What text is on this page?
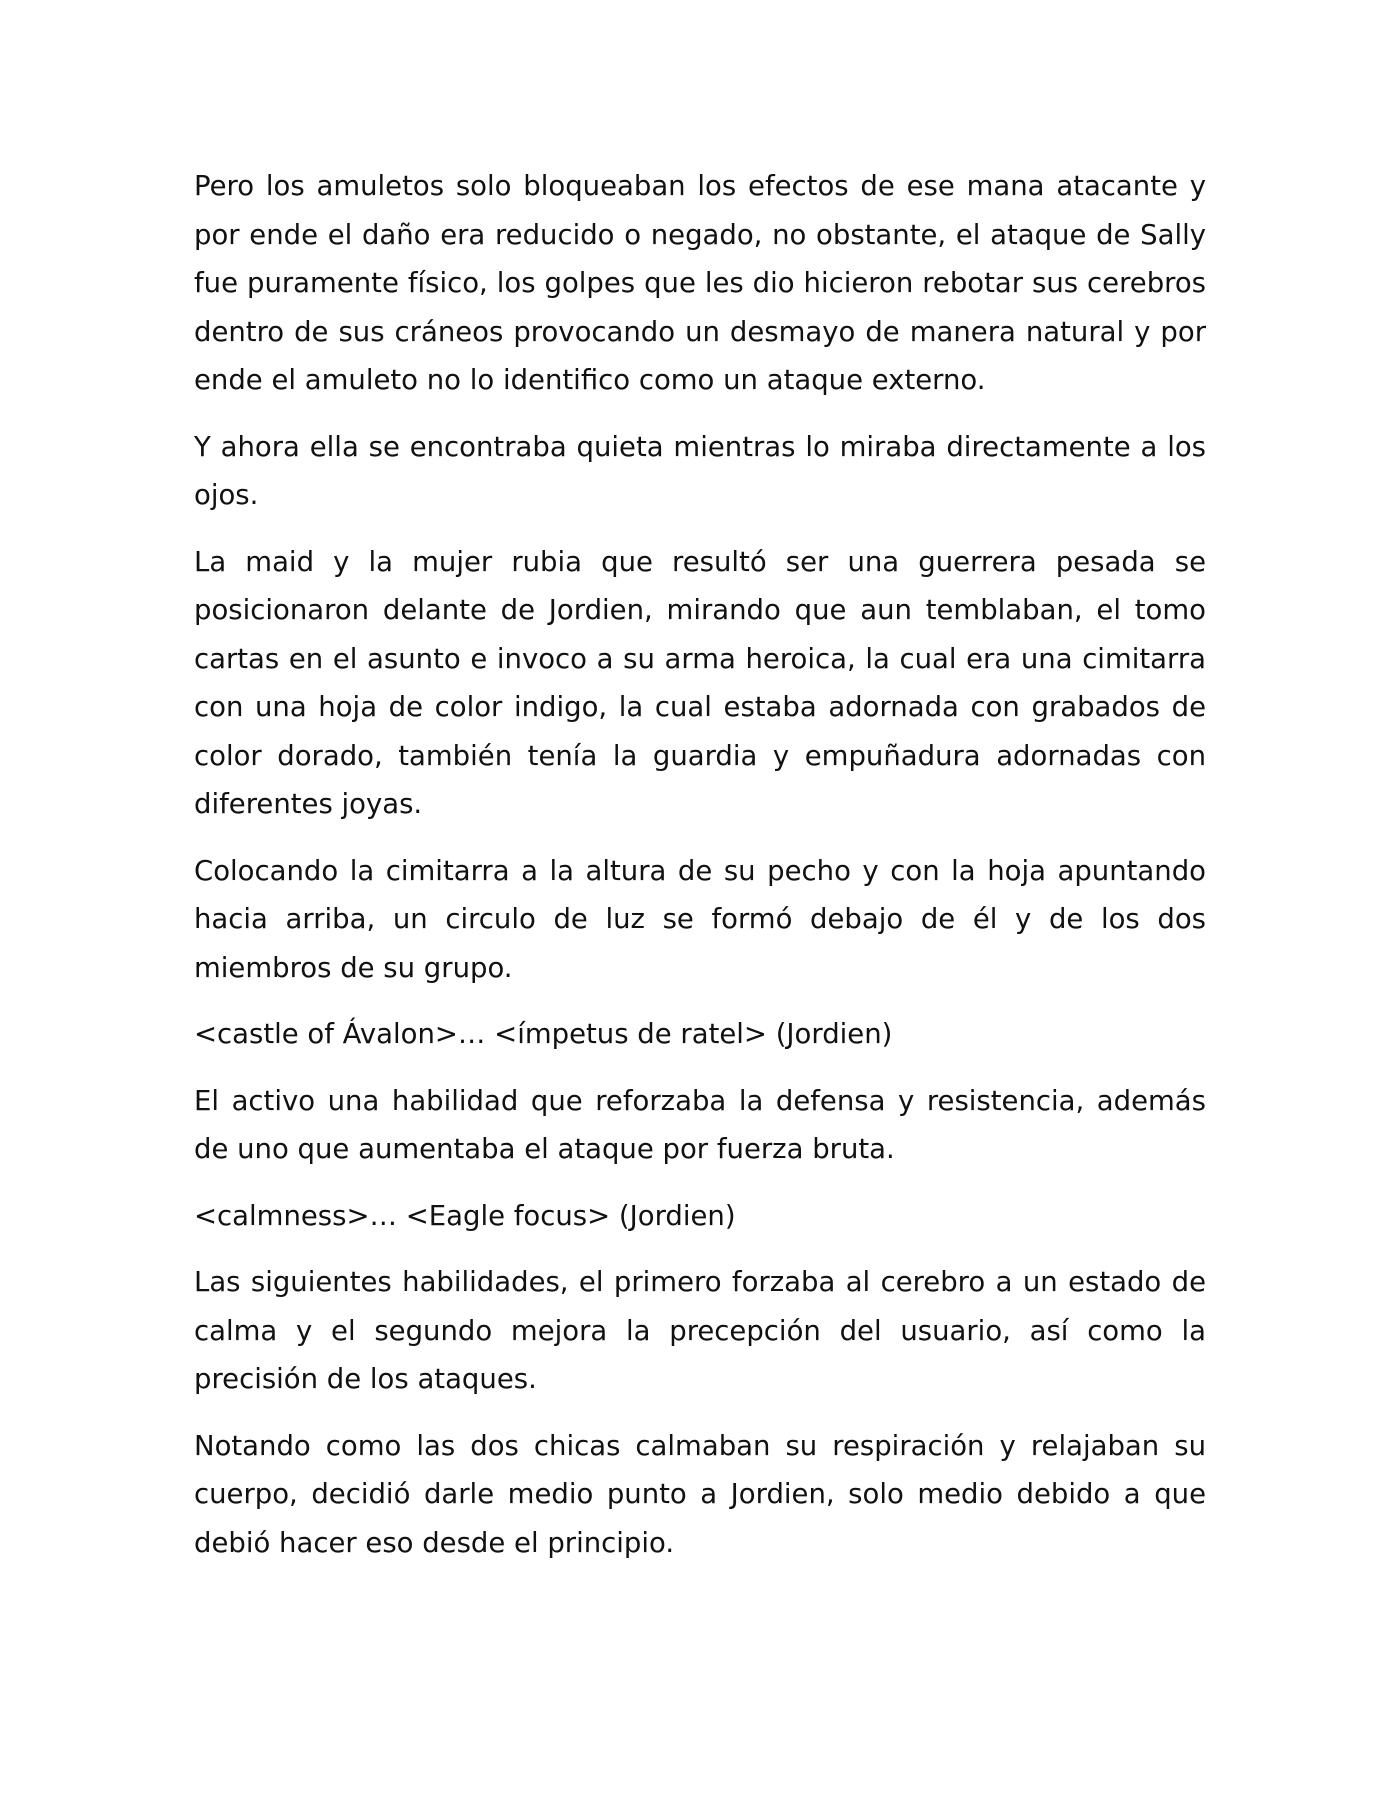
Pero los amuletos solo bloqueaban los efectos de ese mana atacante y por ende el daño era reducido o negado, no obstante, el ataque de Sally fue puramente físico, los golpes que les dio hicieron rebotar sus cerebros dentro de sus cráneos provocando un desmayo de manera natural y por ende el amuleto no lo identifico como un ataque externo.

Y ahora ella se encontraba quieta mientras lo miraba directamente a los ojos.

La maid y la mujer rubia que resultó ser una guerrera pesada se posicionaron delante de Jordien, mirando que aun temblaban, el tomo cartas en el asunto e invoco a su arma heroica, la cual era una cimitarra con una hoja de color indigo, la cual estaba adornada con grabados de color dorado, también tenía la guardia y empuñadura adornadas con diferentes joyas.

Colocando la cimitarra a la altura de su pecho y con la hoja apuntando hacia arriba, un circulo de luz se formó debajo de él y de los dos miembros de su grupo.

<castle of Ávalon>… <ímpetus de ratel> (Jordien)

El activo una habilidad que reforzaba la defensa y resistencia, además de uno que aumentaba el ataque por fuerza bruta.

<calmness>… <Eagle focus> (Jordien)

Las siguientes habilidades, el primero forzaba al cerebro a un estado de calma y el segundo mejora la precepción del usuario, así como la precisión de los ataques.

Notando como las dos chicas calmaban su respiración y relajaban su cuerpo, decidió darle medio punto a Jordien, solo medio debido a que debió hacer eso desde el principio.
